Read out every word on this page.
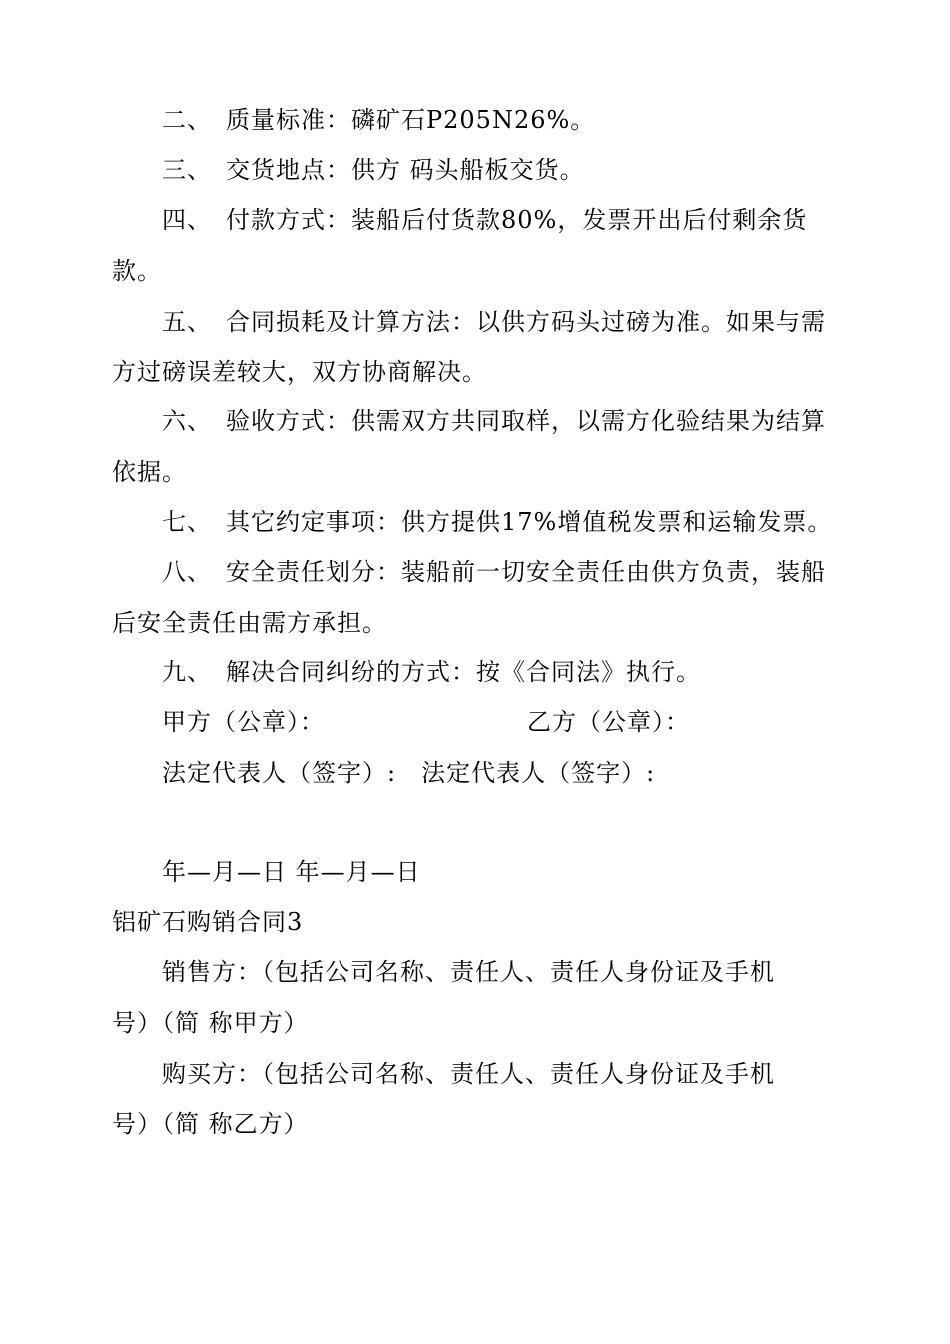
二、 质量标准：磷矿石P205N26%。
三、 交货地点：供方 码头船板交货。
四、 付款方式：装船后付货款80%，发票开出后付剩余货
款。
五、 合同损耗及计算方法：以供方码头过磅为准。如果与需
方过磅误差较大，双方协商解决。
六、 验收方式：供需双方共同取样，以需方化验结果为结算
依据。
七、 其它约定事项：供方提供17%增值税发票和运输发票。
八、 安全责任划分：装船前一切安全责任由供方负责，装船
后安全责任由需方承担。
九、 解决合同纠纷的方式：按《合同法》执行。
甲方（公章）：	乙方（公章）：
法定代表人（签字）:　法定代表人（签字）:
年—月—日 年—月—日
铝矿石购销合同3
销售方：（包括公司名称、责任人、责任人身份证及手机
号）（简 称甲方）
购买方：（包括公司名称、责任人、责任人身份证及手机
号）（简 称乙方）
